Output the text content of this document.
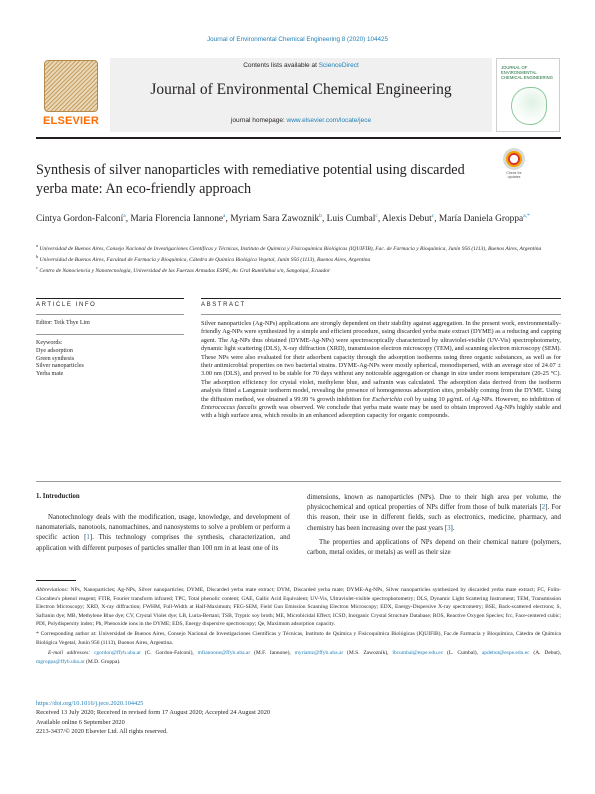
Journal of Environmental Chemical Engineering 8 (2020) 104425
ELSEVIER
Contents lists available at ScienceDirect
Journal of Environmental Chemical Engineering
journal homepage: www.elsevier.com/locate/jece
JOURNAL OF ENVIRONMENTAL CHEMICAL ENGINEERING
Synthesis of silver nanoparticles with remediative potential using discarded yerba mate: An eco-friendly approach
Check for updates
Cintya Gordon-Falconí$^a$, María Florencia Iannone$^a$, Myriam Sara Zawoznik$^b$, Luis Cumbal$^c$, Alexis Debut$^c$, María Daniela Groppa$^{a,*}$
$^a$ Universidad de Buenos Aires, Consejo Nacional de Investigaciones Científicas y Técnicas, Instituto de Química y Fisicoquímica Biológicas (IQUIFIB), Fac. de Farmacia y Bioquímica, Junín 956 (1113), Buenos Aires, Argentina
$^b$ Universidad de Buenos Aires, Facultad de Farmacia y Bioquímica, Cátedra de Química Biológica Vegetal, Junín 956 (1113), Buenos Aires, Argentina
$^c$ Centro de Nanociencia y Nanotecnología, Universidad de las Fuerzas Armadas ESPE, Av. Gral Rumiñahui s/n, Sangolquí, Ecuador
ARTICLE INFO	ABSTRACT
Editor: Teik Thye Lim
Keywords:
Dye adsorption
Green synthesis
Silver nanoparticles
Yerba mate
Silver nanoparticles (Ag-NPs) applications are strongly dependent on their stability against aggregation. In the present work, environmentally-friendly Ag-NPs were synthesized by a simple and efficient procedure, using discarded yerba mate extract (DYME) as a reducing and capping agent. The Ag-NPs thus obtained (DYME-Ag-NPs) were spectroscopically characterized by ultraviolet-visible (UV-Vis) spectrophotometry, dynamic light scattering (DLS), X-ray diffraction (XRD), transmission electron microscopy (TEM), and scanning electron microscopy (SEM). These NPs were also evaluated for their adsorbent capacity through the adsorption isotherms using three organic substances, as well as for their antimicrobial properties on two bacterial strains. DYME-Ag-NPs were mostly spherical, monodispersed, with an average size of 24.07 ± 3.00 nm (DLS), and proved to be stable for 70 days without any noticeable aggregation or change in size under room temperature (20-25 °C). The adsorption efficiency for crystal violet, methylene blue, and safranin was calculated. The adsorption data derived from the isotherm analysis fitted a Langmuir isotherm model, revealing the presence of homogeneous adsorption sites, probably coming from the DYME. Using the diffusion method, we obtained a 99.99 % growth inhibition for Escherichia coli by using 10 μg/mL of Ag-NPs. However, no inhibition of Enterococcus faecalis growth was observed. We conclude that yerba mate waste may be used to obtain improved Ag-NPs highly stable and with a high surface area, which results in an enhanced adsorption capacity for organic compounds.
1. Introduction

Nanotechnology deals with the modification, usage, knowledge, and development of nanomaterials, nanotools, nanomachines, and nanosystems to solve a problem or perform a specific action [1]. This technology comprises the synthesis, characterization, and application with different purposes of particles smaller than 100 nm in at least one of its

dimensions, known as nanoparticles (NPs). Due to their high area per volume, the physicochemical and optical properties of NPs differ from those of bulk materials [2]. For this reason, their use in different fields, such as electronics, medicine, pharmacy, and chemistry has been increasing over the past years [3].

The properties and applications of NPs depend on their chemical nature (polymers, carbon, metal oxides, or metals) as well as their size

Abbreviations: NPs, Nanoparticles; Ag-NPs, Silver nanoparticles; DYME, Discarded yerba mate extract; DYM, Discarded yerba mate; DYME-Ag-NPs, Silver nanoparticles synthesized by discarded yerba mate extract; FC, Folin-Ciocalteu's phenol reagent; FTIR, Fourier transform infrared; TPC, Total phenolic content; GAE, Gallic Acid Equivalent; UV-Vis, Ultraviolet-visible spectrophotometry; DLS, Dynamic Light Scattering Instrument; TEM, Transmission Electron Microscopy; XRD, X-ray diffraction; FWHM, Full-Width at Half-Maximum; FEG-SEM, Field Gun Emission Scanning Electron Microscopy; EDX, Energy-Dispersive X-ray spectrometry; BSE, Back-scattered electrons; S, Safranin dye; MB, Methylene Blue dye; CV, Crystal Violet dye; LB, Luria-Bertani; TSB, Tryptic soy broth; ME, Microbicidal Effect; ICSD, Inorganic Crystal Structure Database; ROS, Reactive Oxygen Species; fcc, Face-centered cubic; PDI, Polydispersity index; Ph, Phenoxide ions in the DYME; EDS, Energy dispersive spectroscopy; Qe, Maximum adsorption capacity.

* Corresponding author at: Universidad de Buenos Aires, Consejo Nacional de Investigaciones Científicas y Técnicas, Instituto de Química y Fisicoquímica Biológicas (IQUIFIB), Fac.de Farmacia y Bioquímica, Cátedra de Química Biológica Vegetal, Junín 956 (1113), Buenos Aires, Argentina.

E-mail addresses: cgordon@ffyb.uba.ar (C. Gordon-Falconí), mfiannone@ffyb.uba.ar (M.F. Iannone), myriamz@ffyb.uba.ar (M.S. Zawoznik), lbcumbal@espe.edu.ec (L. Cumbal), apdebut@espe.edu.ec (A. Debut), mgroppa@ffyb.uba.ar (M.D. Groppa).

https://doi.org/10.1016/j.jece.2020.104425
Received 13 July 2020; Received in revised form 17 August 2020; Accepted 24 August 2020
Available online 6 September 2020
2213-3437/© 2020 Elsevier Ltd. All rights reserved.
